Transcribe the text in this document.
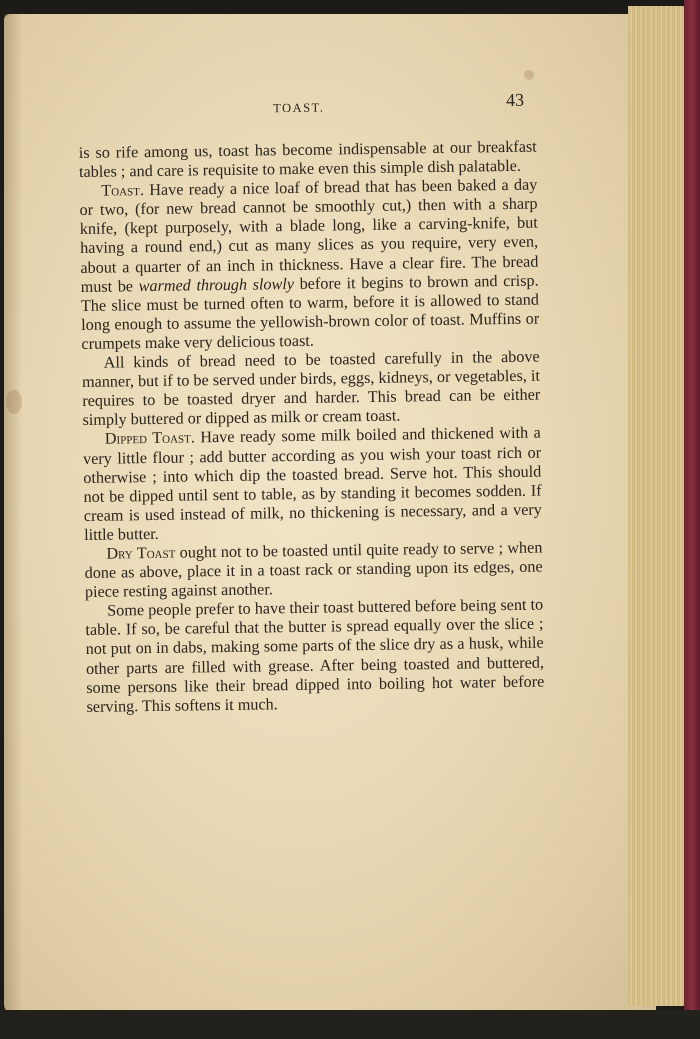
TOAST.	43

is so rife among us, toast has become indispensable at our breakfast tables ; and care is requisite to make even this simple dish palatable.

Toast. Have ready a nice loaf of bread that has been baked a day or two, (for new bread cannot be smoothly cut,) then with a sharp knife, (kept purposely, with a blade long, like a carving-knife, but having a round end,) cut as many slices as you require, very even, about a quarter of an inch in thickness. Have a clear fire. The bread must be warmed through slowly before it begins to brown and crisp. The slice must be turned often to warm, before it is allowed to stand long enough to assume the yellowish-brown color of toast. Muffins or crumpets make very delicious toast.

All kinds of bread need to be toasted carefully in the above manner, but if to be served under birds, eggs, kidneys, or vegetables, it requires to be toasted dryer and harder. This bread can be either simply buttered or dipped as milk or cream toast.

Dipped Toast. Have ready some milk boiled and thickened with a very little flour ; add butter according as you wish your toast rich or otherwise ; into which dip the toasted bread. Serve hot. This should not be dipped until sent to table, as by standing it becomes sodden. If cream is used instead of milk, no thickening is necessary, and a very little butter.

Dry Toast ought not to be toasted until quite ready to serve ; when done as above, place it in a toast rack or standing upon its edges, one piece resting against another.

Some people prefer to have their toast buttered before being sent to table. If so, be careful that the butter is spread equally over the slice ; not put on in dabs, making some parts of the slice dry as a husk, while other parts are filled with grease. After being toasted and buttered, some persons like their bread dipped into boiling hot water before serving. This softens it much.
